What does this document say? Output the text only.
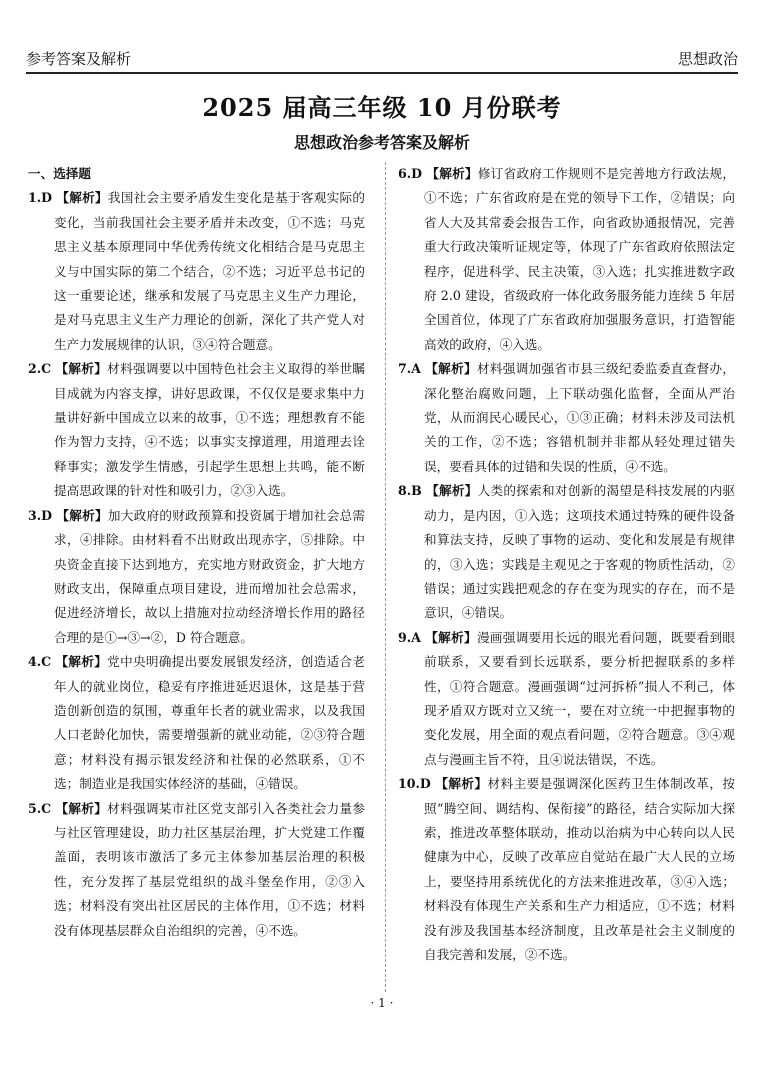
参考答案及解析	思想政治
2025 届高三年级 10 月份联考
思想政治参考答案及解析

一、选择题

1.D 【解析】我国社会主要矛盾发生变化是基于客观实际的变化，当前我国社会主要矛盾并未改变，①不选；马克思主义基本原理同中华优秀传统文化相结合是马克思主义与中国实际的第二个结合，②不选；习近平总书记的这一重要论述，继承和发展了马克思主义生产力理论，是对马克思主义生产力理论的创新，深化了共产党人对生产力发展规律的认识，③④符合题意。

2.C 【解析】材料强调要以中国特色社会主义取得的举世瞩目成就为内容支撑，讲好思政课，不仅仅是要求集中力量讲好新中国成立以来的故事，①不选；理想教育不能作为智力支持，④不选；以事实支撑道理，用道理去诠释事实；激发学生情感，引起学生思想上共鸣，能不断提高思政课的针对性和吸引力，②③入选。

3.D 【解析】加大政府的财政预算和投资属于增加社会总需求，④排除。由材料看不出财政出现赤字，⑤排除。中央资金直接下达到地方，充实地方财政资金，扩大地方财政支出，保障重点项目建设，进而增加社会总需求，促进经济增长，故以上措施对拉动经济增长作用的路径合理的是①→③→②，D 符合题意。

4.C 【解析】党中央明确提出要发展银发经济，创造适合老年人的就业岗位，稳妥有序推进延迟退休，这是基于营造创新创造的氛围，尊重年长者的就业需求，以及我国人口老龄化加快，需要增强新的就业动能，②③符合题意；材料没有揭示银发经济和社保的必然联系，①不选；制造业是我国实体经济的基础，④错误。

5.C 【解析】材料强调某市社区党支部引入各类社会力量参与社区管理建设，助力社区基层治理，扩大党建工作覆盖面，表明该市激活了多元主体参加基层治理的积极性，充分发挥了基层党组织的战斗堡垒作用，②③入选；材料没有突出社区居民的主体作用，①不选；材料没有体现基层群众自治组织的完善，④不选。

6.D 【解析】修订省政府工作规则不是完善地方行政法规，①不选；广东省政府是在党的领导下工作，②错误；向省人大及其常委会报告工作，向省政协通报情况，完善重大行政决策听证规定等，体现了广东省政府依照法定程序，促进科学、民主决策，③入选；扎实推进数字政府 2.0 建设，省级政府一体化政务服务能力连续 5 年居全国首位，体现了广东省政府加强服务意识，打造智能高效的政府，④入选。

7.A 【解析】材料强调加强省市县三级纪委监委直查督办，深化整治腐败问题，上下联动强化监督，全面从严治党，从而润民心暖民心，①③正确；材料未涉及司法机关的工作，②不选；容错机制并非都从轻处理过错失误，要看具体的过错和失误的性质，④不选。

8.B 【解析】人类的探索和对创新的渴望是科技发展的内驱动力，是内因，①入选；这项技术通过特殊的硬件设备和算法支持，反映了事物的运动、变化和发展是有规律的，③入选；实践是主观见之于客观的物质性活动，②错误；通过实践把观念的存在变为现实的存在，而不是意识，④错误。

9.A 【解析】漫画强调要用长远的眼光看问题，既要看到眼前联系，又要看到长远联系，要分析把握联系的多样性，①符合题意。漫画强调“过河拆桥”损人不利己，体现矛盾双方既对立又统一，要在对立统一中把握事物的变化发展，用全面的观点看问题，②符合题意。③④观点与漫画主旨不符，且④说法错误，不选。

10.D 【解析】材料主要是强调深化医药卫生体制改革，按照“腾空间、调结构、保衔接”的路径，结合实际加大探索，推进改革整体联动，推动以治病为中心转向以人民健康为中心，反映了改革应自觉站在最广大人民的立场上，要坚持用系统优化的方法来推进改革，③④入选；材料没有体现生产关系和生产力相适应，①不选；材料没有涉及我国基本经济制度，且改革是社会主义制度的自我完善和发展，②不选。

· 1 ·
